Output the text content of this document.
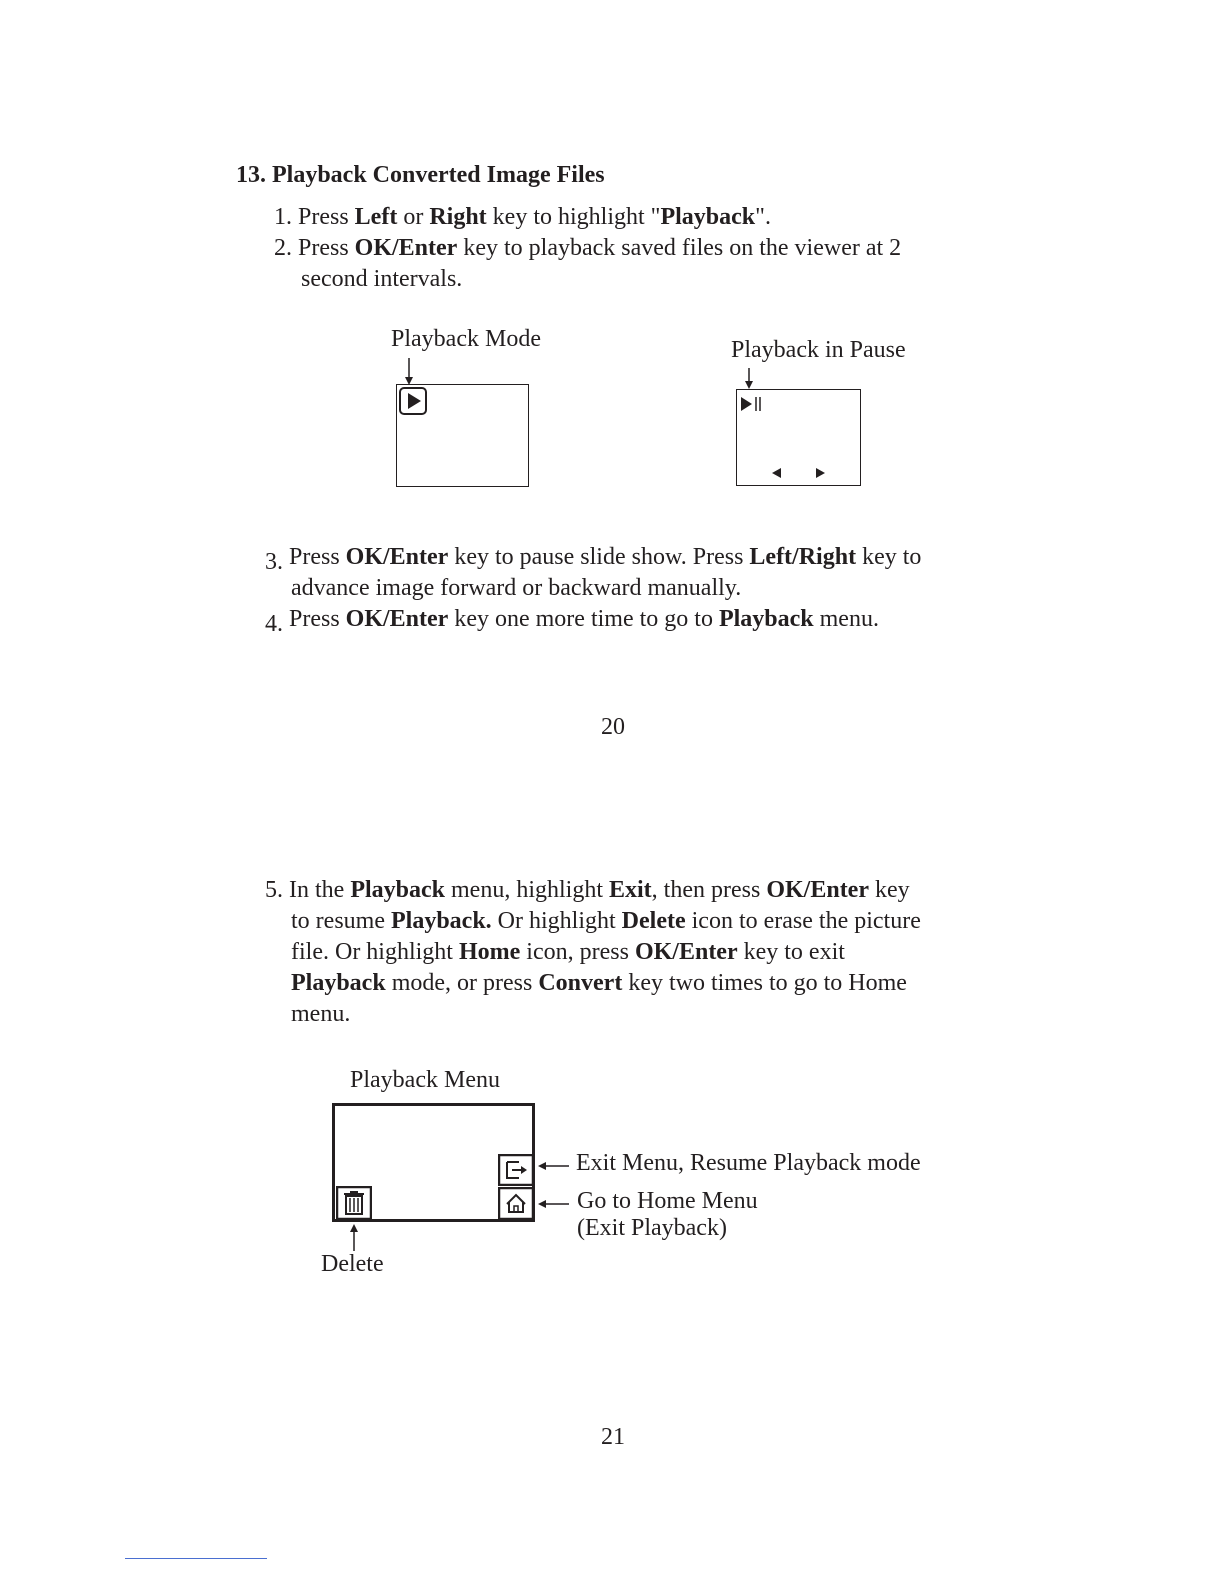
13. Playback Converted Image Files
1. Press Left or Right key to highlight "Playback".
2. Press OK/Enter key to playback saved files on the viewer at 2
second intervals.
Playback Mode	Playback in Pause
3. Press OK/Enter key to pause slide show. Press Left/Right key to
advance image forward or backward manually.
4. Press OK/Enter key one more time to go to Playback menu.
20
5. In the Playback menu, highlight Exit, then press OK/Enter key
to resume Playback. Or highlight Delete icon to erase the picture
file. Or highlight Home icon, press OK/Enter key to exit
Playback mode, or press Convert key two times to go to Home
menu.
Playback Menu
Exit Menu, Resume Playback mode
Go to Home Menu
(Exit Playback)
Delete
21
